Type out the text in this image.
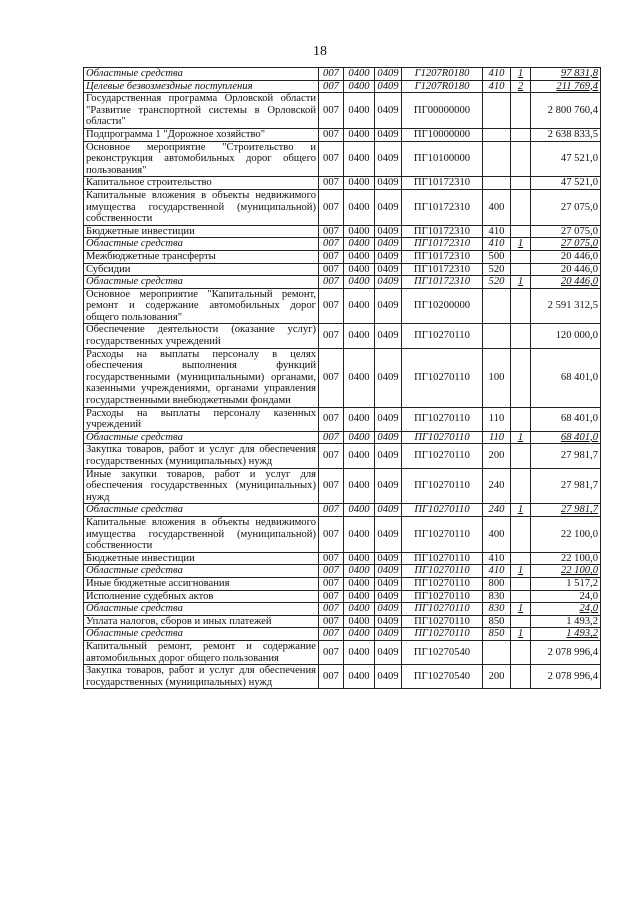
18
Областные средства	007	0400	0409	Г1207R0180	410	1	97 831,8
Целевые безвозмездные поступления	007	0400	0409	Г1207R0180	410	2	211 769,4
Государственная программа Орловской области "Развитие транспортной системы в Орловской области"	007	0400	0409	ПГ00000000			2 800 760,4
Подпрограмма 1 "Дорожное хозяйство"	007	0400	0409	ПГ10000000			2 638 833,5
Основное мероприятие "Строительство и реконструкция автомобильных дорог общего пользования"	007	0400	0409	ПГ10100000			47 521,0
Капитальное строительство	007	0400	0409	ПГ10172310			47 521,0
Капитальные вложения в объекты недвижимого имущества государственной (муниципальной) собственности	007	0400	0409	ПГ10172310	400		27 075,0
Бюджетные инвестиции	007	0400	0409	ПГ10172310	410		27 075,0
Областные средства	007	0400	0409	ПГ10172310	410	1	27 075,0
Межбюджетные трансферты	007	0400	0409	ПГ10172310	500		20 446,0
Субсидии	007	0400	0409	ПГ10172310	520		20 446,0
Областные средства	007	0400	0409	ПГ10172310	520	1	20 446,0
Основное мероприятие "Капитальный ремонт, ремонт и содержание автомобильных дорог общего пользования"	007	0400	0409	ПГ10200000			2 591 312,5
Обеспечение деятельности (оказание услуг) государственных учреждений	007	0400	0409	ПГ10270110			120 000,0
Расходы на выплаты персоналу в целях обеспечения выполнения функций государственными (муниципальными) органами, казенными учреждениями, органами управления государственными внебюджетными фондами	007	0400	0409	ПГ10270110	100		68 401,0
Расходы на выплаты персоналу казенных учреждений	007	0400	0409	ПГ10270110	110		68 401,0
Областные средства	007	0400	0409	ПГ10270110	110	1	68 401,0
Закупка товаров, работ и услуг для обеспечения государственных (муниципальных) нужд	007	0400	0409	ПГ10270110	200		27 981,7
Иные закупки товаров, работ и услуг для обеспечения государственных (муниципальных) нужд	007	0400	0409	ПГ10270110	240		27 981,7
Областные средства	007	0400	0409	ПГ10270110	240	1	27 981,7
Капитальные вложения в объекты недвижимого имущества государственной (муниципальной) собственности	007	0400	0409	ПГ10270110	400		22 100,0
Бюджетные инвестиции	007	0400	0409	ПГ10270110	410		22 100,0
Областные средства	007	0400	0409	ПГ10270110	410	1	22 100,0
Иные бюджетные ассигнования	007	0400	0409	ПГ10270110	800		1 517,2
Исполнение судебных актов	007	0400	0409	ПГ10270110	830		24,0
Областные средства	007	0400	0409	ПГ10270110	830	1	24,0
Уплата налогов, сборов и иных платежей	007	0400	0409	ПГ10270110	850		1 493,2
Областные средства	007	0400	0409	ПГ10270110	850	1	1 493,2
Капитальный ремонт, ремонт и содержание автомобильных дорог общего пользования	007	0400	0409	ПГ10270540			2 078 996,4
Закупка товаров, работ и услуг для обеспечения государственных (муниципальных) нужд	007	0400	0409	ПГ10270540	200		2 078 996,4
